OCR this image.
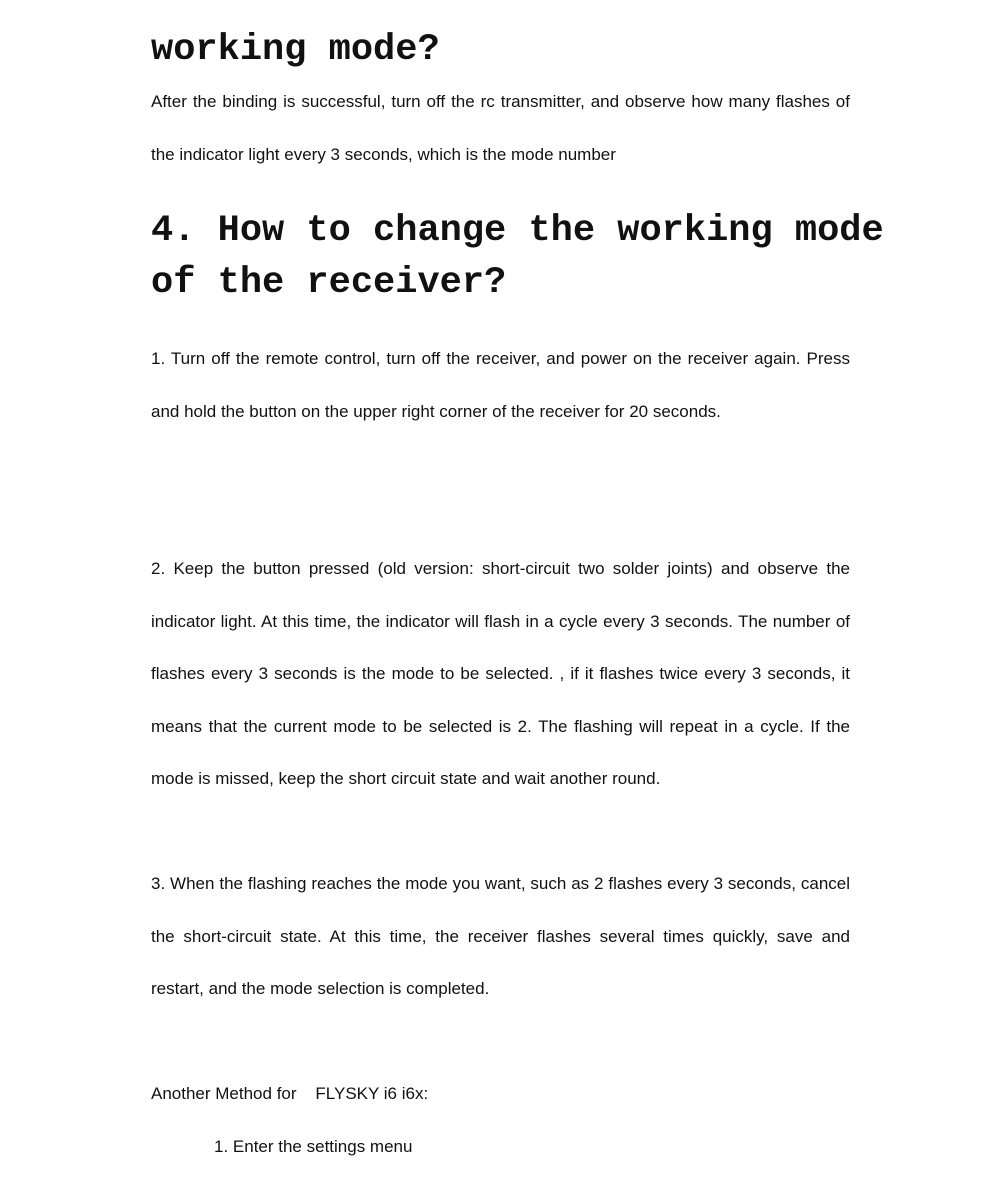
working mode?

After the binding is successful, turn off the rc transmitter, and observe how many flashes of the indicator light every 3 seconds, which is the mode number

4. How to change the working mode
of the receiver?

1. Turn off the remote control, turn off the receiver, and power on the receiver again. Press and hold the button on the upper right corner of the receiver for 20 seconds.

2. Keep the button pressed (old version: short-circuit two solder joints) and observe the indicator light. At this time, the indicator will flash in a cycle every 3 seconds. The number of flashes every 3 seconds is the mode to be selected. , if it flashes twice every 3 seconds, it means that the current mode to be selected is 2. The flashing will repeat in a cycle. If the mode is missed, keep the short circuit state and wait another round.

3. When the flashing reaches the mode you want, such as 2 flashes every 3 seconds, cancel the short-circuit state. At this time, the receiver flashes several times quickly, save and restart, and the mode selection is completed.

Another Method for    FLYSKY i6 i6x:

1. Enter the settings menu
